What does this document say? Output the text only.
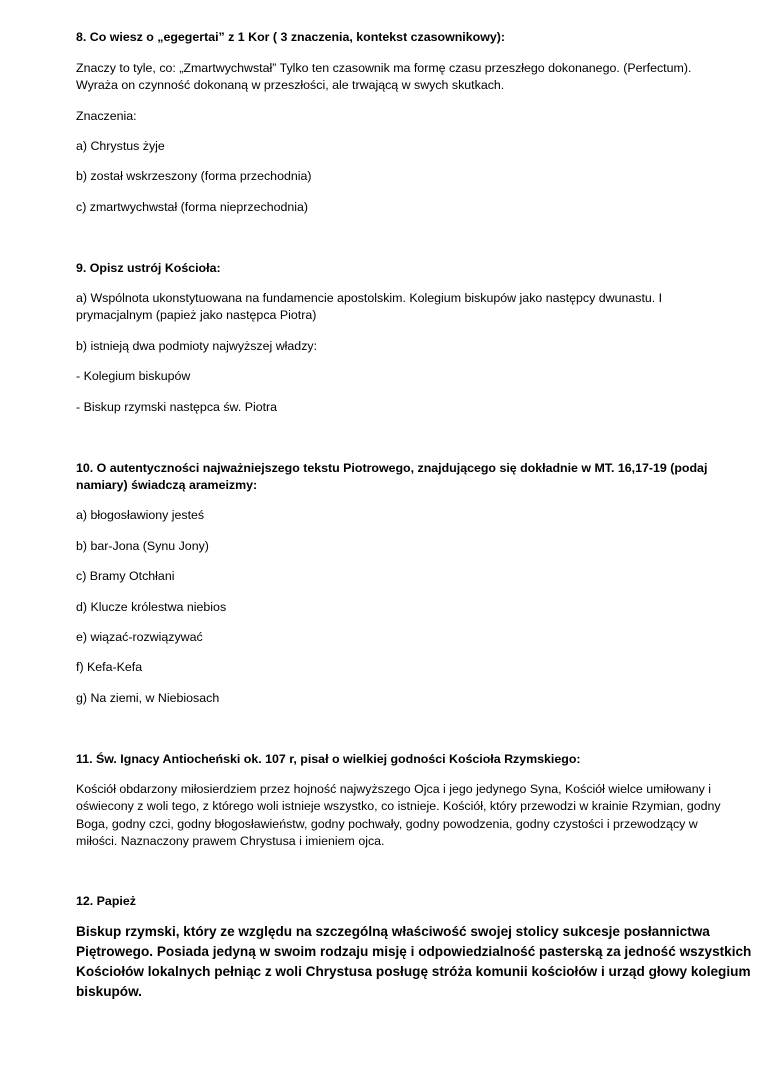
8. Co wiesz o „egegertai” z 1 Kor ( 3 znaczenia, kontekst czasownikowy):

Znaczy to tyle, co: „Zmartwychwstał” Tylko ten czasownik ma formę czasu przeszłego dokonanego. (Perfectum).

Wyraża on czynność dokonaną w przeszłości, ale trwającą w swych skutkach.

Znaczenia:

a) Chrystus żyje

b) został wskrzeszony (forma przechodnia)

c) zmartwychwstał (forma nieprzechodnia)

9. Opisz ustrój Kościoła:

a) Wspólnota ukonstytuowana na fundamencie apostolskim. Kolegium biskupów jako następcy dwunastu. I

prymacjalnym (papież jako następca Piotra)

b) istnieją dwa podmioty najwyższej władzy:

- Kolegium biskupów

- Biskup rzymski następca św. Piotra

10. O autentyczności najważniejszego tekstu Piotrowego, znajdującego się dokładnie w MT. 16,17-19 (podaj

namiary) świadczą arameizmy:

a) błogosławiony jesteś

b) bar-Jona (Synu Jony)

c) Bramy Otchłani

d) Klucze królestwa niebios

e) wiązać-rozwiązywać

f) Kefa-Kefa

g) Na ziemi, w Niebiosach

11. Św. Ignacy Antiocheński ok. 107 r, pisał o wielkiej godności Kościoła Rzymskiego:

Kościół obdarzony miłosierdziem przez hojność najwyższego Ojca i jego jedynego Syna, Kościół wielce umiłowany i

oświecony z woli tego, z którego woli istnieje wszystko, co istnieje. Kościół, który przewodzi w krainie Rzymian, godny

Boga, godny czci, godny błogosławieństw, godny pochwały, godny powodzenia, godny czystości i przewodzący w

miłości. Naznaczony prawem Chrystusa i imieniem ojca.

12. Papież

Biskup rzymski, który ze względu na szczególną właściwość swojej stolicy sukcesje posłannictwa

Piętrowego. Posiada jedyną w swoim rodzaju misję i odpowiedzialność pasterską za jedność wszystkich

Kościołów lokalnych pełniąc z woli Chrystusa posługę stróża komunii kościołów i urząd głowy kolegium

biskupów.
